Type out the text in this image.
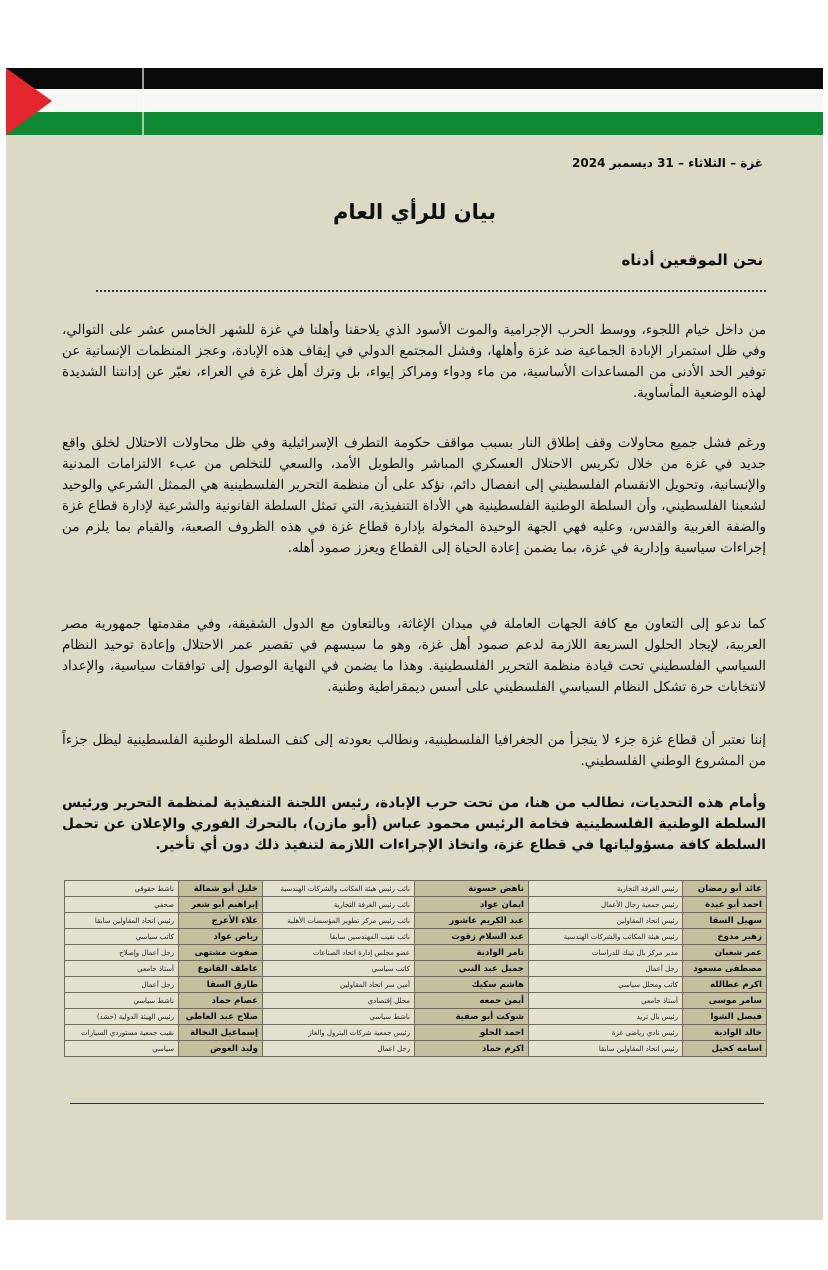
غزة – الثلاثاء – 31 ديسمبر 2024
بيان للرأي العام
نحن الموقعين أدناه
من داخل خيام اللجوء، ووسط الحرب الإجرامية والموت الأسود الذي يلاحقنا وأهلنا في غزة للشهر الخامس عشر على التوالي، وفي ظل استمرار الإبادة الجماعية ضد غزة وأهلها، وفشل المجتمع الدولي في إيقاف هذه الإبادة، وعجز المنظمات الإنسانية عن توفير الحد الأدنى من المساعدات الأساسية، من ماء ودواء ومراكز إيواء، بل وترك أهل غزة في العراء، نعبّر عن إدانتنا الشديدة لهذه الوضعية المأساوية.
ورغم فشل جميع محاولات وقف إطلاق النار بسبب مواقف حكومة التطرف الإسرائيلية وفي ظل محاولات الاحتلال لخلق واقع جديد في غزة من خلال تكريس الاحتلال العسكري المباشر والطويل الأمد، والسعي للتخلص من عبء الالتزامات المدنية والإنسانية، وتحويل الانقسام الفلسطيني إلى انفصال دائم، نؤكد على أن منظمة التحرير الفلسطينية هي الممثل الشرعي والوحيد لشعبنا الفلسطيني، وأن السلطة الوطنية الفلسطينية هي الأداة التنفيذية، التي تمثل السلطة القانونية والشرعية لإدارة قطاع غزة والضفة الغربية والقدس، وعليه فهي الجهة الوحيدة المخولة بإدارة قطاع غزة في هذه الظروف الصعبة، والقيام بما يلزم من إجراءات سياسية وإدارية في غزة، بما يضمن إعادة الحياة إلى القطاع ويعزز صمود أهله.
كما ندعو إلى التعاون مع كافة الجهات العاملة في ميدان الإغاثة، وبالتعاون مع الدول الشقيقة، وفي مقدمتها جمهورية مصر العربية، لإيجاد الحلول السريعة اللازمة لدعم صمود أهل غزة، وهو ما سيسهم في تقصير عمر الاحتلال وإعادة توحيد النظام السياسي الفلسطيني تحت قيادة منظمة التحرير الفلسطينية. وهذا ما يضمن في النهاية الوصول إلى توافقات سياسية، والإعداد لانتخابات حرة تشكل النظام السياسي الفلسطيني على أسس ديمقراطية وطنية.
إننا نعتبر أن قطاع غزة جزء لا يتجزأ من الجغرافيا الفلسطينية، ونطالب بعودته إلى كنف السلطة الوطنية الفلسطينية ليظل جزءاً من المشروع الوطني الفلسطيني.
وأمام هذه التحديات، نطالب من هنا، من تحت حرب الإبادة، رئيس اللجنة التنفيذية لمنظمة التحرير ورئيس السلطة الوطنية الفلسطينية فخامة الرئيس محمود عباس (أبو مازن)، بالتحرك الفوري والإعلان عن تحمل السلطة كافة مسؤولياتها في قطاع غزة، واتخاذ الإجراءات اللازمة لتنفيذ ذلك دون أي تأخير.
عائد أبو رمضان	رئيس الغرفة التجارية	ناهض حسونة	نائب رئيس هيئة المكاتب والشركات الهندسية	خليل أبو شمالة	ناشط حقوقي
احمد أبو عيدة	رئيس جمعية رجال الأعمال	ايمان عواد	نائب رئيس الغرفة التجارية	إبراهيم أبو شعر	صحفي
سهيل السقا	رئيس اتحاد المقاولين	عبد الكريم عاشور	نائب رئيس مركز تطوير المؤسسات الأهلية	علاء الأعرج	رئيس اتحاد المقاولين سابقا
زهير مدوخ	رئيس هيئة المكاتب والشركات الهندسية	عبد السلام زقوت	نائب نقيب المهندسين سابقا	رياض عواد	كاتب سياسي
عمر شعبان	مدير مركز بال ثينك للدراسات	تامر الوادية	عضو مجلس إدارة اتحاد الصناعات	صفوت مشتهى	رجل أعمال وإصلاح
مصطفى مسعود	رجل أعمال	جميل عبد النبي	كاتب سياسي	عاطف القانوع	أستاذ جامعي
اكرم عطالله	كاتب ومحلل سياسي	هاشم سكيك	أمين سر اتحاد المقاولين	طارق السقا	رجل أعمال
سامر موسى	أستاذ جامعي	أيمن جمعه	محلل إقتصادي	عصام حماد	ناشط سياسي
فيصل الشوا	رئيس بال تريد	شوكت أبو صفية	ناشط سياسي	صلاح عبد العاطي	رئيس الهيئة الدولية (حشد)
خالد الوادية	رئيس نادي رياضي غزة	احمد الحلو	رئيس جمعية شركات البترول والغاز	إسماعيل النخالة	نقيب جمعية مستوردي السيارات
اسامه كحيل	رئيس اتحاد المقاولين سابقا	اكرم حماد	رجل اعمال	وليد العوض	سياسي
